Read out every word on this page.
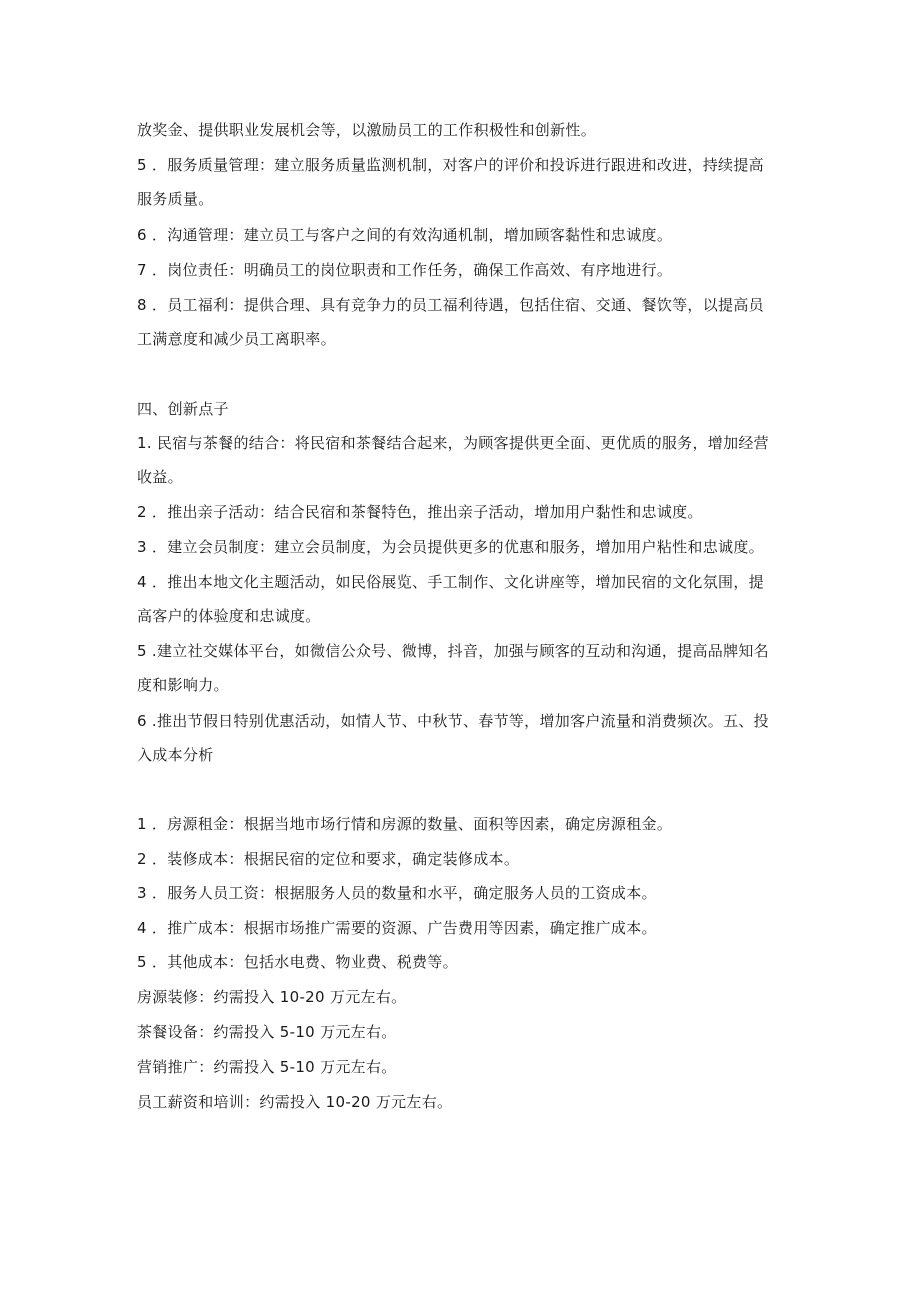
放奖金、提供职业发展机会等，以激励员工的工作积极性和创新性。
5 ．服务质量管理：建立服务质量监测机制，对客户的评价和投诉进行跟进和改进，持续提高
服务质量。
6 ．沟通管理：建立员工与客户之间的有效沟通机制，增加顾客黏性和忠诚度。
7 ．岗位责任：明确员工的岗位职责和工作任务，确保工作高效、有序地进行。
8 ．员工福利：提供合理、具有竞争力的员工福利待遇，包括住宿、交通、餐饮等，以提高员
工满意度和减少员工离职率。
四、创新点子
1. 民宿与茶餐的结合：将民宿和茶餐结合起来，为顾客提供更全面、更优质的服务，增加经营
收益。
2 ．推出亲子活动：结合民宿和茶餐特色，推出亲子活动，增加用户黏性和忠诚度。
3 ．建立会员制度：建立会员制度，为会员提供更多的优惠和服务，增加用户粘性和忠诚度。
4 ．推出本地文化主题活动，如民俗展览、手工制作、文化讲座等，增加民宿的文化氛围，提
高客户的体验度和忠诚度。
5 .建立社交媒体平台，如微信公众号、微博，抖音，加强与顾客的互动和沟通，提高品牌知名
度和影响力。
6 .推出节假日特别优惠活动，如情人节、中秋节、春节等，增加客户流量和消费频次。五、投
入成本分析
1 ．房源租金：根据当地市场行情和房源的数量、面积等因素，确定房源租金。
2 ．装修成本：根据民宿的定位和要求，确定装修成本。
3 ．服务人员工资：根据服务人员的数量和水平，确定服务人员的工资成本。
4 ．推广成本：根据市场推广需要的资源、广告费用等因素，确定推广成本。
5 ．其他成本：包括水电费、物业费、税费等。
房源装修：约需投入 10-20 万元左右。
茶餐设备：约需投入 5-10 万元左右。
营销推广：约需投入 5-10 万元左右。
员工薪资和培训：约需投入 10-20 万元左右。
